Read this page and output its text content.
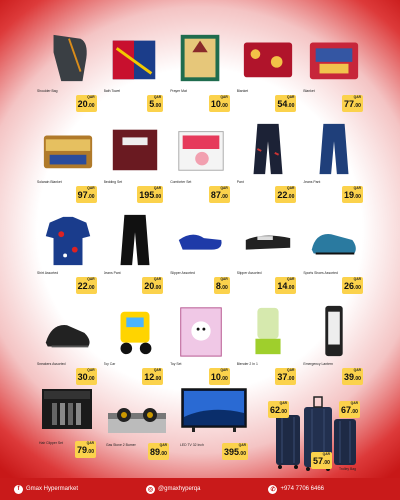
Shoulder Bag
QAR
20.00
Bath Towel
QAR
5.00
Prayer Mat
QAR
10.00
Blanket
QAR
54.00
Blanket
QAR
77.00
Solarain Blanket
QAR
97.00
Bedding Set
QAR
195.00
Comforter Set
QAR
87.00
Pant
QAR
22.00
Jeans Pant
QAR
19.00
Shirt Assorted
QAR
22.00
Jeans Pant
QAR
20.00
Slipper Assorted
QAR
8.00
Slipper Assorted
QAR
14.00
Sports Shoes Assorted
QAR
26.00
Sneakers Assorted
QAR
30.00
Toy Car
QAR
12.00
Toy Set
QAR
10.00
Blender 2 In 1
QAR
37.00
Emergency Lantern
QAR
39.00
Hair Clipper Set	QAR
79.00
Gas Stove 2 Burner	QAR
89.00
LED TV 32 Inch	QAR
395.00
QAR
62.00
QAR
67.00
QAR
57.00
Trolley Bag
f	Gmax Hypermarket	◎ @gmaxhyperqa	✆ +974 7706 6466
